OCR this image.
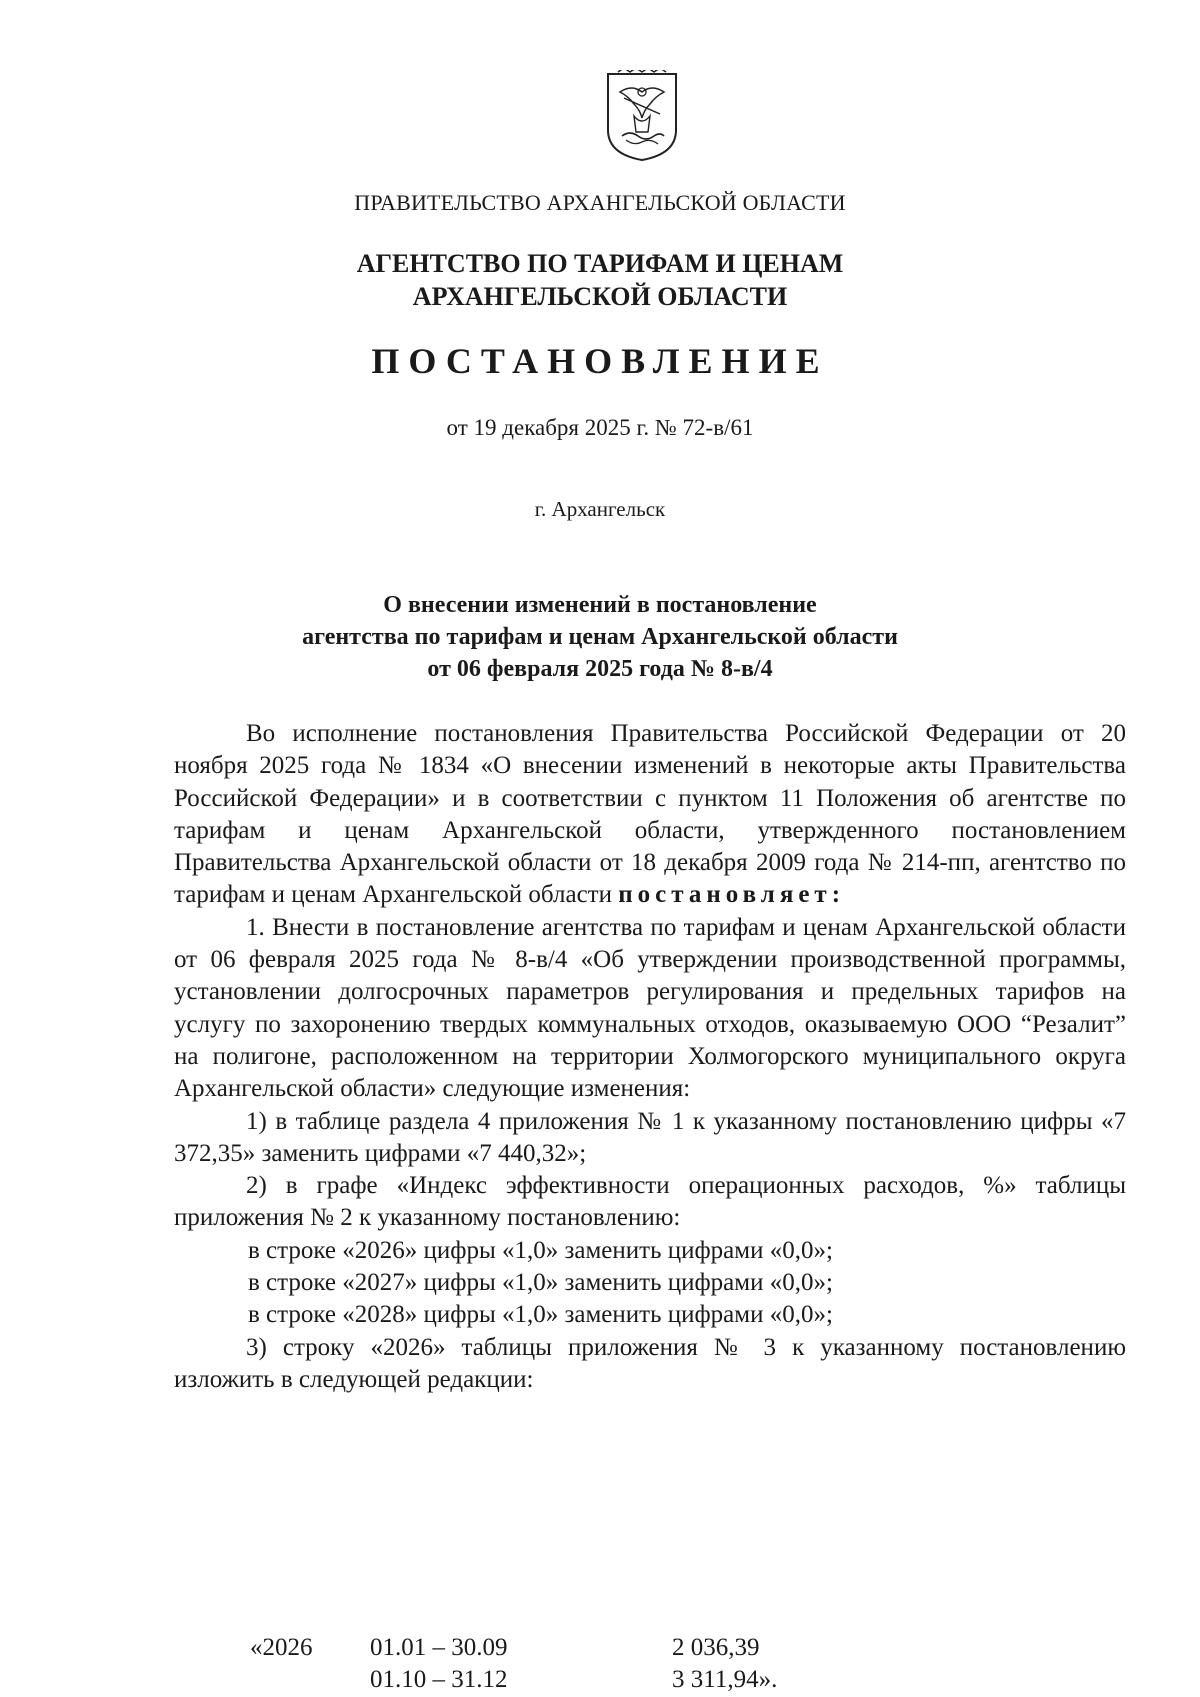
ПРАВИТЕЛЬСТВО АРХАНГЕЛЬСКОЙ ОБЛАСТИ
АГЕНТСТВО ПО ТАРИФАМ И ЦЕНАМ
АРХАНГЕЛЬСКОЙ ОБЛАСТИ
ПОСТАНОВЛЕНИЕ
от 19 декабря 2025 г. № 72-в/61
г. Архангельск
О внесении изменений в постановление
агентства по тарифам и ценам Архангельской области
от 06 февраля 2025 года № 8-в/4

Во исполнение постановления Правительства Российской Федерации от 20 ноября 2025 года № 1834 «О внесении изменений в некоторые акты Правительства Российской Федерации» и в соответствии с пунктом 11 Положения об агентстве по тарифам и ценам Архангельской области, утвержденного постановлением Правительства Архангельской области от 18 декабря 2009 года № 214-пп, агентство по тарифам и ценам Архангельской области постановляет:

1. Внести в постановление агентства по тарифам и ценам Архангельской области от 06 февраля 2025 года № 8-в/4 «Об утверждении производственной программы, установлении долгосрочных параметров регулирования и предельных тарифов на услугу по захоронению твердых коммунальных отходов, оказываемую ООО “Резалит” на полигоне, расположенном на территории Холмогорского муниципального округа Архангельской области» следующие изменения:

1) в таблице раздела 4 приложения № 1 к указанному постановлению цифры «7 372,35» заменить цифрами «7 440,32»;

2) в графе «Индекс эффективности операционных расходов, %» таблицы приложения № 2 к указанному постановлению:

в строке «2026» цифры «1,0» заменить цифрами «0,0»;

в строке «2027» цифры «1,0» заменить цифрами «0,0»;

в строке «2028» цифры «1,0» заменить цифрами «0,0»;

3) строку «2026» таблицы приложения № 3 к указанному постановлению изложить в следующей редакции:

«2026 01.01 – 30.09	2 036,39
01.10 – 31.12	3 311,94».
